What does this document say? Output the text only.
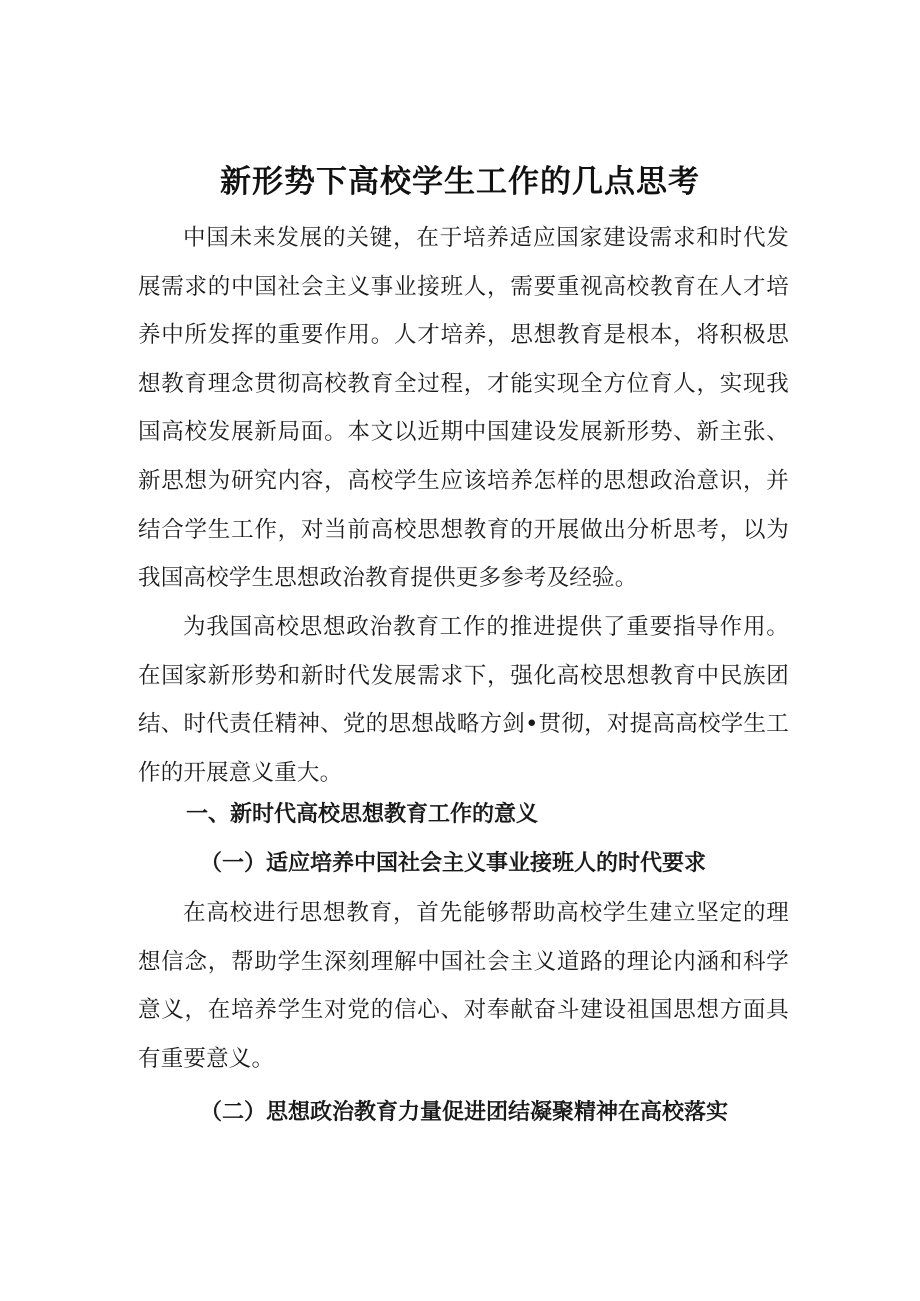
新形势下高校学生工作的几点思考

中国未来发展的关键，在于培养适应国家建设需求和时代发展需求的中国社会主义事业接班人，需要重视高校教育在人才培养中所发挥的重要作用。人才培养，思想教育是根本，将积极思想教育理念贯彻高校教育全过程，才能实现全方位育人，实现我国高校发展新局面。本文以近期中国建设发展新形势、新主张、新思想为研究内容，高校学生应该培养怎样的思想政治意识，并结合学生工作，对当前高校思想教育的开展做出分析思考，以为我国高校学生思想政治教育提供更多参考及经验。

为我国高校思想政治教育工作的推进提供了重要指导作用。在国家新形势和新时代发展需求下，强化高校思想教育中民族团结、时代责任精神、党的思想战略方剑•贯彻，对提高高校学生工作的开展意义重大。

一、新时代高校思想教育工作的意义
（一）适应培养中国社会主义事业接班人的时代要求

在高校进行思想教育，首先能够帮助高校学生建立坚定的理想信念，帮助学生深刻理解中国社会主义道路的理论内涵和科学意义，在培养学生对党的信心、对奉献奋斗建设祖国思想方面具有重要意义。

（二）思想政治教育力量促进团结凝聚精神在高校落实
